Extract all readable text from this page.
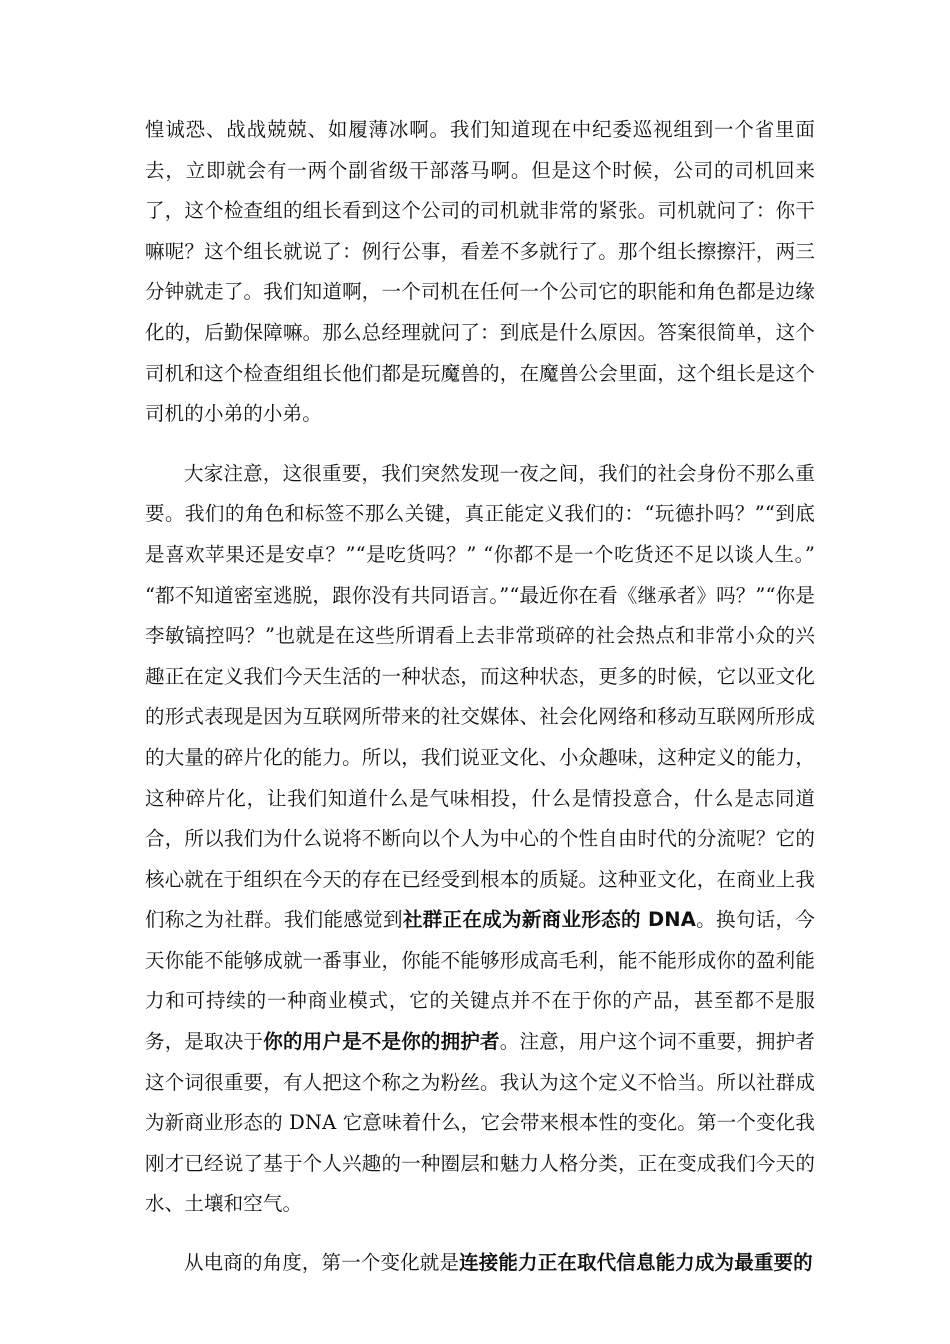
惶诚恐、战战兢兢、如履薄冰啊。我们知道现在中纪委巡视组到一个省里面去，立即就会有一两个副省级干部落马啊。但是这个时候，公司的司机回来了，这个检查组的组长看到这个公司的司机就非常的紧张。司机就问了：你干嘛呢？这个组长就说了：例行公事，看差不多就行了。那个组长擦擦汗，两三分钟就走了。我们知道啊，一个司机在任何一个公司它的职能和角色都是边缘化的，后勤保障嘛。那么总经理就问了：到底是什么原因。答案很简单，这个司机和这个检查组组长他们都是玩魔兽的，在魔兽公会里面，这个组长是这个司机的小弟的小弟。

大家注意，这很重要，我们突然发现一夜之间，我们的社会身份不那么重要。我们的角色和标签不那么关键，真正能定义我们的：“玩德扑吗？”“到底是喜欢苹果还是安卓？”“是吃货吗？” “你都不是一个吃货还不足以谈人生。” “都不知道密室逃脱，跟你没有共同语言。”“最近你在看《继承者》吗？”“你是李敏镐控吗？”也就是在这些所谓看上去非常琐碎的社会热点和非常小众的兴趣正在定义我们今天生活的一种状态，而这种状态，更多的时候，它以亚文化的形式表现是因为互联网所带来的社交媒体、社会化网络和移动互联网所形成的大量的碎片化的能力。所以，我们说亚文化、小众趣味，这种定义的能力，这种碎片化，让我们知道什么是气味相投，什么是情投意合，什么是志同道合，所以我们为什么说将不断向以个人为中心的个性自由时代的分流呢？它的核心就在于组织在今天的存在已经受到根本的质疑。这种亚文化，在商业上我们称之为社群。我们能感觉到社群正在成为新商业形态的 DNA。换句话，今天你能不能够成就一番事业，你能不能够形成高毛利，能不能形成你的盈利能力和可持续的一种商业模式，它的关键点并不在于你的产品，甚至都不是服务，是取决于你的用户是不是你的拥护者。注意，用户这个词不重要，拥护者这个词很重要，有人把这个称之为粉丝。我认为这个定义不恰当。所以社群成为新商业形态的 DNA 它意味着什么，它会带来根本性的变化。第一个变化我刚才已经说了基于个人兴趣的一种圈层和魅力人格分类，正在变成我们今天的水、土壤和空气。

从电商的角度，第一个变化就是连接能力正在取代信息能力成为最重要的
